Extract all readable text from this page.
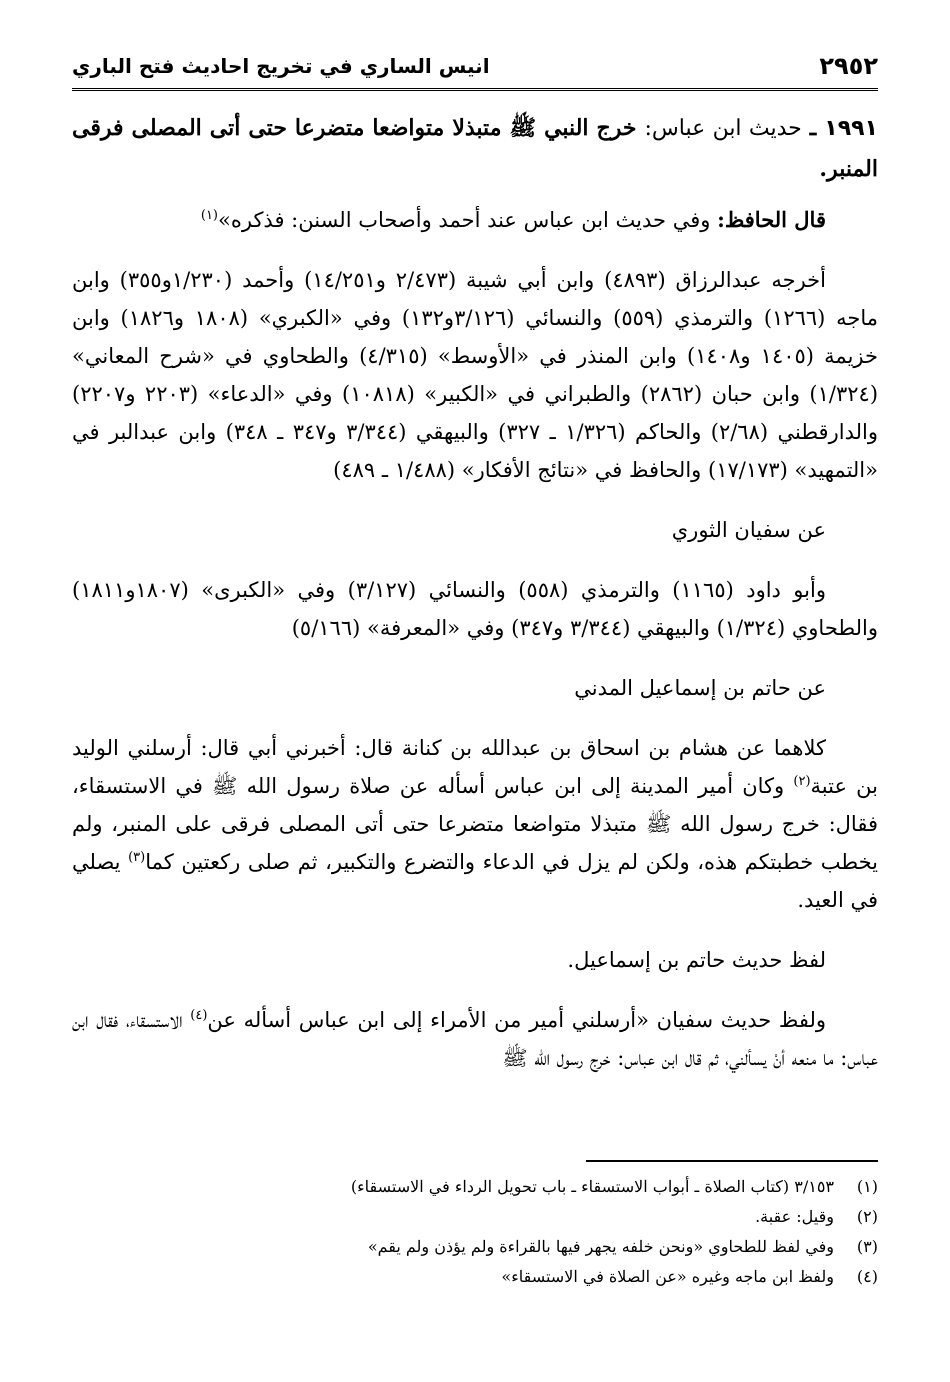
٢٩٥٢
انيس الساري في تخريج احاديث فتح الباري

١٩٩١ ـ حديث ابن عباس: خرج النبي ﷺ متبذلا متواضعا متضرعا حتى أتى المصلى فرقى المنبر.

قال الحافظ: وفي حديث ابن عباس عند أحمد وأصحاب السنن: فذكره»$^{(١)}$

أخرجه عبدالرزاق (٤٨٩٣) وابن أبي شيبة (٢/٤٧٣ و١٤/٢٥١) وأحمد (١/٢٣٠و٣٥٥) وابن ماجه (١٢٦٦) والترمذي (٥٥٩) والنسائي (٣/١٢٦و١٣٢) وفي «الكبري» (١٨٠٨ و١٨٢٦) وابن خزيمة (١٤٠٥ و١٤٠٨) وابن المنذر في «الأوسط» (٤/٣١٥) والطحاوي في «شرح المعاني» (١/٣٢٤) وابن حبان (٢٨٦٢) والطبراني في «الكبير» (١٠٨١٨) وفي «الدعاء» (٢٢٠٣ و٢٢٠٧) والدارقطني (٢/٦٨) والحاكم (١/٣٢٦ ـ ٣٢٧) والبيهقي (٣/٣٤٤ و٣٤٧ ـ ٣٤٨) وابن عبدالبر في «التمهيد» (١٧/١٧٣) والحافظ في «نتائج الأفكار» (١/٤٨٨ ـ ٤٨٩)

عن سفيان الثوري

وأبو داود (١١٦٥) والترمذي (٥٥٨) والنسائي (٣/١٢٧) وفي «الكبرى» (١٨٠٧و١٨١١) والطحاوي (١/٣٢٤) والبيهقي (٣/٣٤٤ و٣٤٧) وفي «المعرفة» (٥/١٦٦)

عن حاتم بن إسماعيل المدني

كلاهما عن هشام بن اسحاق بن عبدالله بن كنانة قال: أخبرني أبي قال: أرسلني الوليد بن عتبة$^{(٢)}$ وكان أمير المدينة إلى ابن عباس أسأله عن صلاة رسول الله ﷺ في الاستسقاء، فقال: خرج رسول الله ﷺ متبذلا متواضعا متضرعا حتى أتى المصلى فرقى على المنبر، ولم يخطب خطبتكم هذه، ولكن لم يزل في الدعاء والتضرع والتكبير، ثم صلى ركعتين كما$^{(٣)}$ يصلي في العيد.

لفظ حديث حاتم بن إسماعيل.

ولفظ حديث سفيان «أرسلني أمير من الأمراء إلى ابن عباس أسأله عن$^{(٤)}$ الاستسقاء، فقال ابن عباس: ما منعه أنْ يسألني، ثم قال ابن عباس: خرج رسول الله ﷺ

(١)
٣/١٥٣ (كتاب الصلاة ـ أبواب الاستسقاء ـ باب تحويل الرداء في الاستسقاء)
(٢)
وقيل: عقبة.
(٣)
وفي لفظ للطحاوي «ونحن خلفه يجهر فيها بالقراءة ولم يؤذن ولم يقم»
(٤)
ولفظ ابن ماجه وغيره «عن الصلاة في الاستسقاء»
